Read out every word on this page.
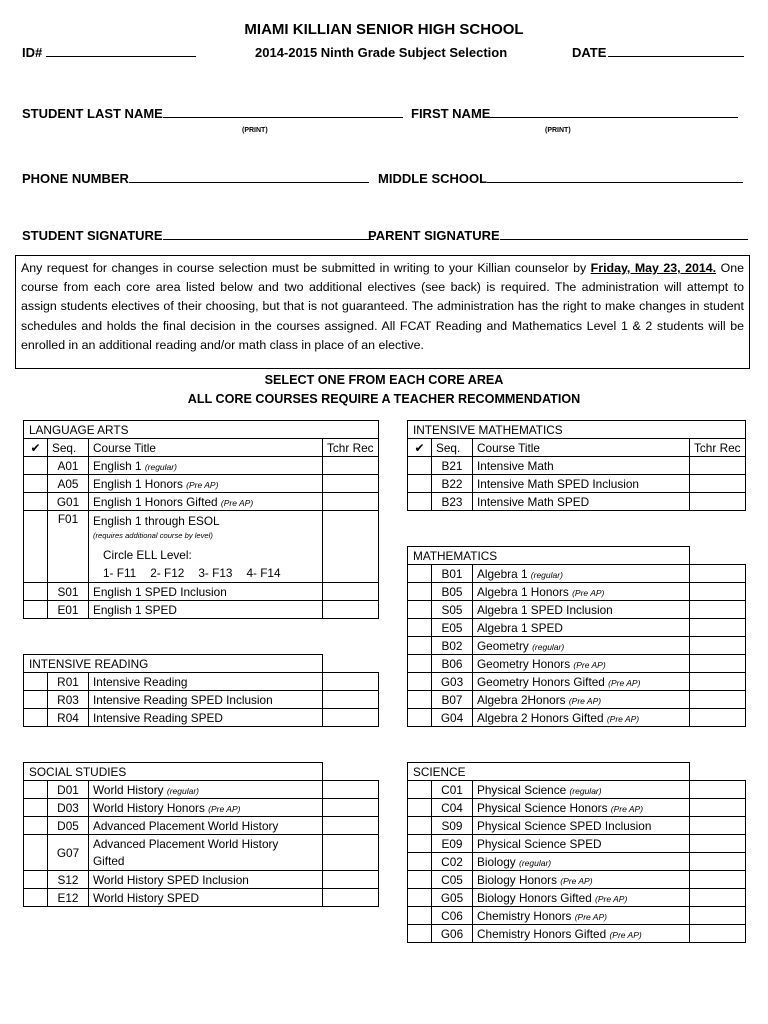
MIAMI KILLIAN SENIOR HIGH SCHOOL
ID#	2014-2015 Ninth Grade Subject Selection	DATE
STUDENT LAST NAME
(PRINT)
FIRST NAME
(PRINT)
PHONE NUMBER	MIDDLE SCHOOL
STUDENT SIGNATURE	PARENT SIGNATURE
Any request for changes in course selection must be submitted in writing to your Killian counselor by Friday, May 23, 2014. One course from each core area listed below and two additional electives (see back) is required. The administration will attempt to assign students electives of their choosing, but that is not guaranteed. The administration has the right to make changes in student schedules and holds the final decision in the courses assigned. All FCAT Reading and Mathematics Level 1 & 2 students will be enrolled in an additional reading and/or math class in place of an elective.
SELECT ONE FROM EACH CORE AREA
ALL CORE COURSES REQUIRE A TEACHER RECOMMENDATION
LANGUAGE ARTS			
✔	Seq.	Course Title	Tchr Rec
	A01	English 1 (regular)	
	A05	English 1 Honors (Pre AP)	
	G01	English 1 Honors Gifted (Pre AP)	
	F01	English 1 through ESOL
(requires additional course by level)
Circle ELL Level:
1- F11 2- F12 3- F13 4- F14	

	S01	English 1 SPED Inclusion	
	E01	English 1 SPED	
INTENSIVE MATHEMATICS			
✔	Seq.	Course Title	Tchr Rec
	B21	Intensive Math	
	B22	Intensive Math SPED Inclusion	
	B23	Intensive Math SPED	
MATHEMATICS			
	B01	Algebra 1 (regular)	
	B05	Algebra 1 Honors (Pre AP)	
	S05	Algebra 1 SPED Inclusion	
	E05	Algebra 1 SPED	
	B02	Geometry (regular)	
	B06	Geometry Honors (Pre AP)	
	G03	Geometry Honors Gifted (Pre AP)	
	B07	Algebra 2Honors (Pre AP)	
	G04	Algebra 2 Honors Gifted (Pre AP)	
INTENSIVE READING			
	R01	Intensive Reading	
	R03	Intensive Reading SPED Inclusion	
	R04	Intensive Reading SPED	
SOCIAL STUDIES			
	D01	World History (regular)	
	D03	World History Honors (Pre AP)	
	D05	Advanced Placement World History	
	G07	Advanced Placement World History
Gifted	

	S12	World History SPED Inclusion	
	E12	World History SPED	
SCIENCE			
	C01	Physical Science (regular)	
	C04	Physical Science Honors (Pre AP)	
	S09	Physical Science SPED Inclusion	
	E09	Physical Science SPED	
	C02	Biology (regular)	
	C05	Biology Honors (Pre AP)	
	G05	Biology Honors Gifted (Pre AP)	
	C06	Chemistry Honors (Pre AP)	
	G06	Chemistry Honors Gifted (Pre AP)	
